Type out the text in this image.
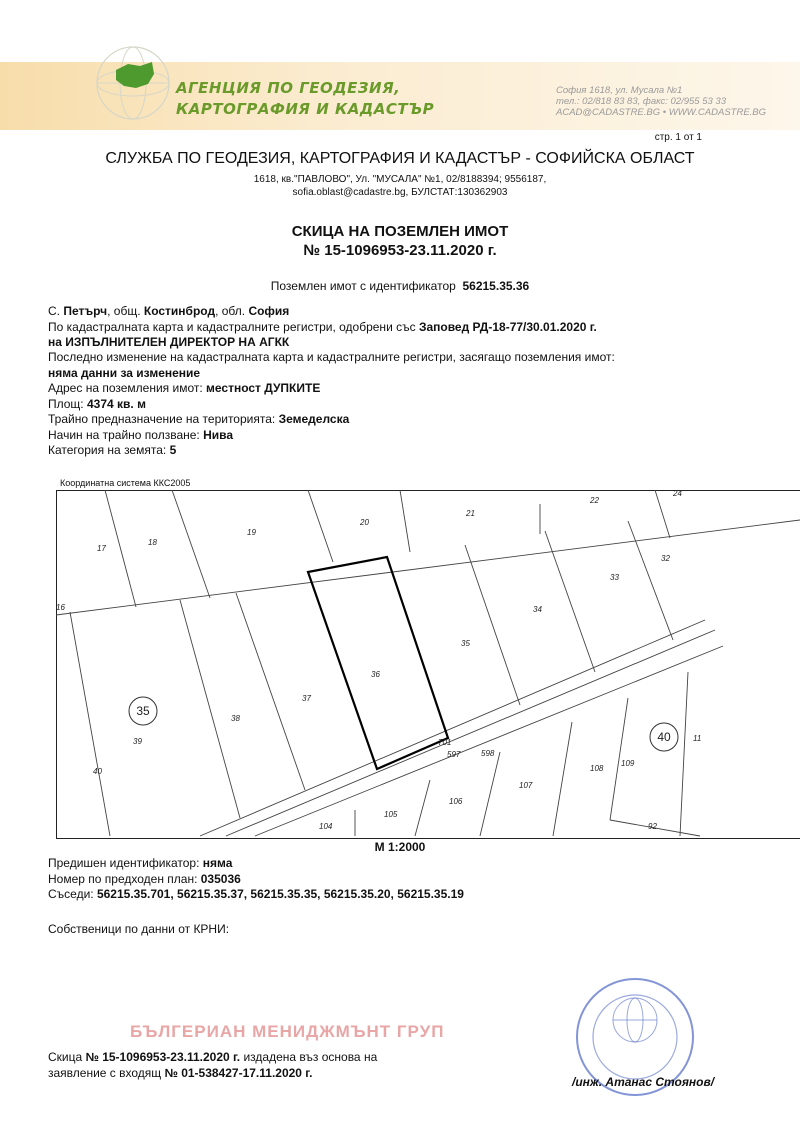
АГЕНЦИЯ ПО ГЕОДЕЗИЯ,
КАРТОГРАФИЯ И КАДАСТЪР
София 1618, ул. Мусала №1
тел.: 02/818 83 83, факс: 02/955 53 33
ACAD@CADASTRE.BG • WWW.CADASTRE.BG
стр. 1 от 1
СЛУЖБА ПО ГЕОДЕЗИЯ, КАРТОГРАФИЯ И КАДАСТЪР - СОФИЙСКА ОБЛАСТ
1618, кв."ПАВЛОВО", Ул. "МУСАЛА" №1, 02/8188394; 9556187,
sofia.oblast@cadastre.bg, БУЛСТАТ:130362903
СКИЦА НА ПОЗЕМЛЕН ИМОТ
№ 15-1096953-23.11.2020 г.
Поземлен имот с идентификатор 56215.35.36
С. Петърч, общ. Костинброд, обл. София
По кадастралната карта и кадастралните регистри, одобрени със Заповед РД-18-77/30.01.2020 г.
на ИЗПЪЛНИТЕЛЕН ДИРЕКТОР НА АГКК
Последно изменение на кадастралната карта и кадастралните регистри, засягащо поземления имот:
няма данни за изменение
Адрес на поземления имот: местност ДУПКИТЕ
Площ: 4374 кв. м
Трайно предназначение на територията: Земеделска
Начин на трайно ползване: Нива
Категория на земята: 5
Координатна система ККС2005
17
18
19
20
21
22
24
32
33
34
35
36
37
38
39
40
16
701
597	598
104
105
106
107
108
109
11
92
35
40
М 1:2000
Предишен идентификатор: няма
Номер по предходен план: 035036
Съседи: 56215.35.701, 56215.35.37, 56215.35.35, 56215.35.20, 56215.35.19
Собственици по данни от КРНИ:
БЪЛГЕРИАН МЕНИДЖМЪНТ ГРУП
Скица № 15-1096953-23.11.2020 г. издадена въз основа на
заявление с входящ № 01-538427-17.11.2020 г.
/инж. Атанас Стоянов/
